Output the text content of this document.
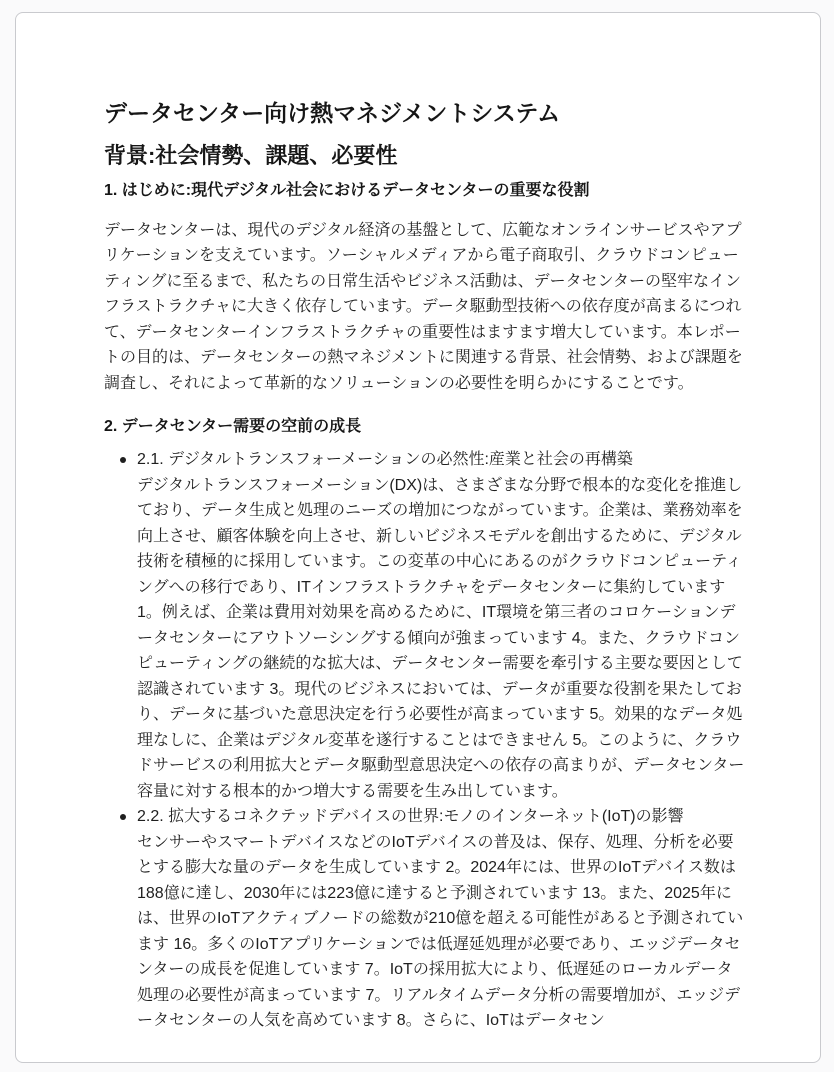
データセンター向け熱マネジメントシステム
背景:社会情勢、課題、必要性
1. はじめに:現代デジタル社会におけるデータセンターの重要な役割

データセンターは、現代のデジタル経済の基盤として、広範なオンラインサービスやアプリケーションを支えています。ソーシャルメディアから電子商取引、クラウドコンピューティングに至るまで、私たちの日常生活やビジネス活動は、データセンターの堅牢なインフラストラクチャに大きく依存しています。データ駆動型技術への依存度が高まるにつれて、データセンターインフラストラクチャの重要性はますます増大しています。本レポートの目的は、データセンターの熱マネジメントに関連する背景、社会情勢、および課題を調査し、それによって革新的なソリューションの必要性を明らかにすることです。

2. データセンター需要の空前の成長
2.1. デジタルトランスフォーメーションの必然性:産業と社会の再構築
デジタルトランスフォーメーション(DX)は、さまざまな分野で根本的な変化を推進しており、データ生成と処理のニーズの増加につながっています。企業は、業務効率を向上させ、顧客体験を向上させ、新しいビジネスモデルを創出するために、デジタル技術を積極的に採用しています。この変革の中心にあるのがクラウドコンピューティングへの移行であり、ITインフラストラクチャをデータセンターに集約しています 1。例えば、企業は費用対効果を高めるために、IT環境を第三者のコロケーションデータセンターにアウトソーシングする傾向が強まっています 4。また、クラウドコンピューティングの継続的な拡大は、データセンター需要を牽引する主要な要因として認識されています 3。現代のビジネスにおいては、データが重要な役割を果たしており、データに基づいた意思決定を行う必要性が高まっています 5。効果的なデータ処理なしに、企業はデジタル変革を遂行することはできません 5。このように、クラウドサービスの利用拡大とデータ駆動型意思決定への依存の高まりが、データセンター容量に対する根本的かつ増大する需要を生み出しています。
2.2. 拡大するコネクテッドデバイスの世界:モノのインターネット(IoT)の影響
センサーやスマートデバイスなどのIoTデバイスの普及は、保存、処理、分析を必要とする膨大な量のデータを生成しています 2。2024年には、世界のIoTデバイス数は188億に達し、2030年には223億に達すると予測されています 13。また、2025年には、世界のIoTアクティブノードの総数が210億を超える可能性があると予測されています 16。多くのIoTアプリケーションでは低遅延処理が必要であり、エッジデータセンターの成長を促進しています 7。IoTの採用拡大により、低遅延のローカルデータ処理の必要性が高まっています 7。リアルタイムデータ分析の需要増加が、エッジデータセンターの人気を高めています 8。さらに、IoTはデータセン
